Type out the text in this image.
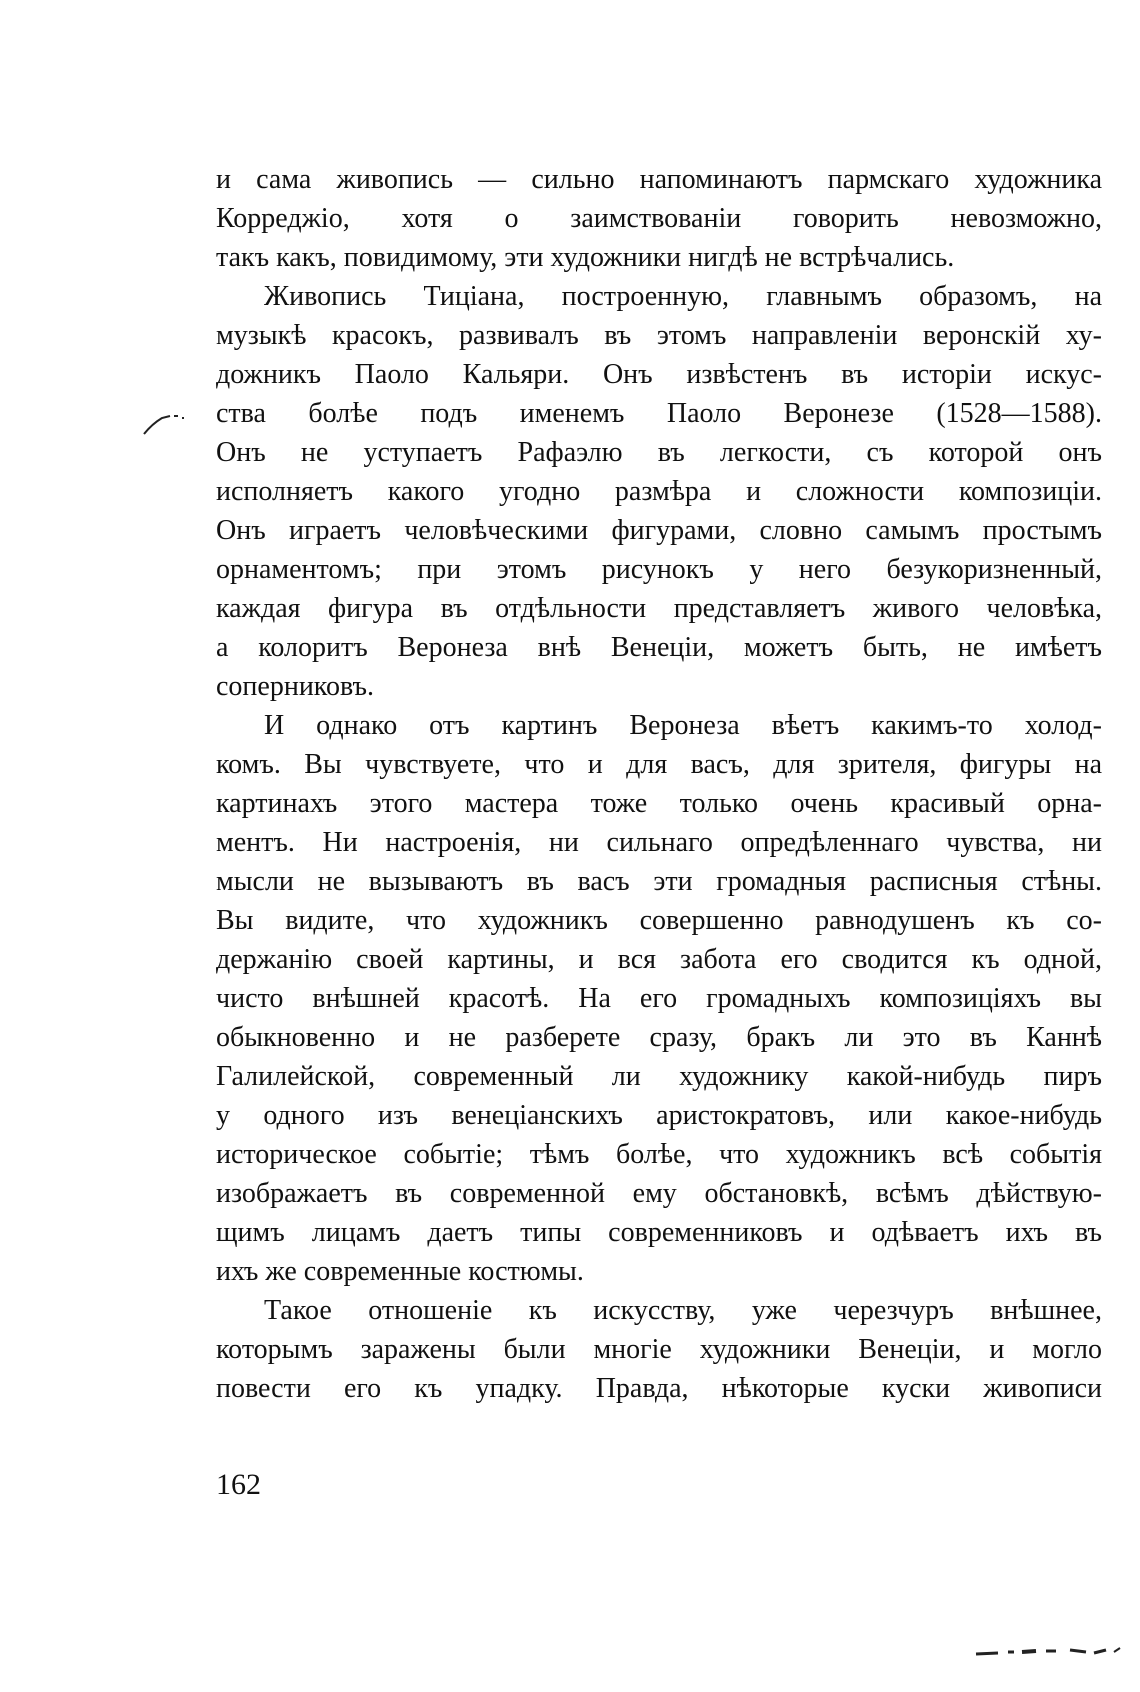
и сама живопись — сильно напоминаютъ пармскаго художника
Корреджiо, хотя о заимствованiи говорить невозможно,
такъ какъ, повидимому, эти художники нигдѣ не встрѣчались.
Живопись Тицiана, построенную, главнымъ образомъ, на
музыкѣ красокъ, развивалъ въ этомъ направленiи веронскiй ху-
дожникъ Паоло Кальяри. Онъ извѣстенъ въ исторiи искус-
ства болѣе подъ именемъ Паоло Веронезе (1528—1588).
Онъ не уступаетъ Рафаэлю въ легкости, съ которой онъ
исполняетъ какого угодно размѣра и сложности композицiи.
Онъ играетъ человѣческими фигурами, словно самымъ простымъ
орнаментомъ; при этомъ рисунокъ у него безукоризненный,
каждая фигура въ отдѣльности представляетъ живого человѣка,
а колоритъ Веронеза внѣ Венецiи, можетъ быть, не имѣетъ
соперниковъ.
И однако отъ картинъ Веронеза вѣетъ какимъ-то холод-
комъ. Вы чувствуете, что и для васъ, для зрителя, фигуры на
картинахъ этого мастера тоже только очень красивый орна-
ментъ. Ни настроенiя, ни сильнаго опредѣленнаго чувства, ни
мысли не вызываютъ въ васъ эти громадныя расписныя стѣны.
Вы видите, что художникъ совершенно равнодушенъ къ со-
держанiю своей картины, и вся забота его сводится къ одной,
чисто внѣшней красотѣ. На его громадныхъ композицiяхъ вы
обыкновенно и не разберете сразу, бракъ ли это въ Каннѣ
Галилейской, современный ли художнику какой-нибудь пиръ
у одного изъ венецiанскихъ аристократовъ, или какое-нибудь
историческое событiе; тѣмъ болѣе, что художникъ всѣ событiя
изображаетъ въ современной ему обстановкѣ, всѣмъ дѣйствую-
щимъ лицамъ даетъ типы современниковъ и одѣваетъ ихъ въ
ихъ же современные костюмы.
Такое отношенiе къ искусству, уже черезчуръ внѣшнее,
которымъ заражены были многiе художники Венецiи, и могло
повести его къ упадку. Правда, нѣкоторые куски живописи
162
